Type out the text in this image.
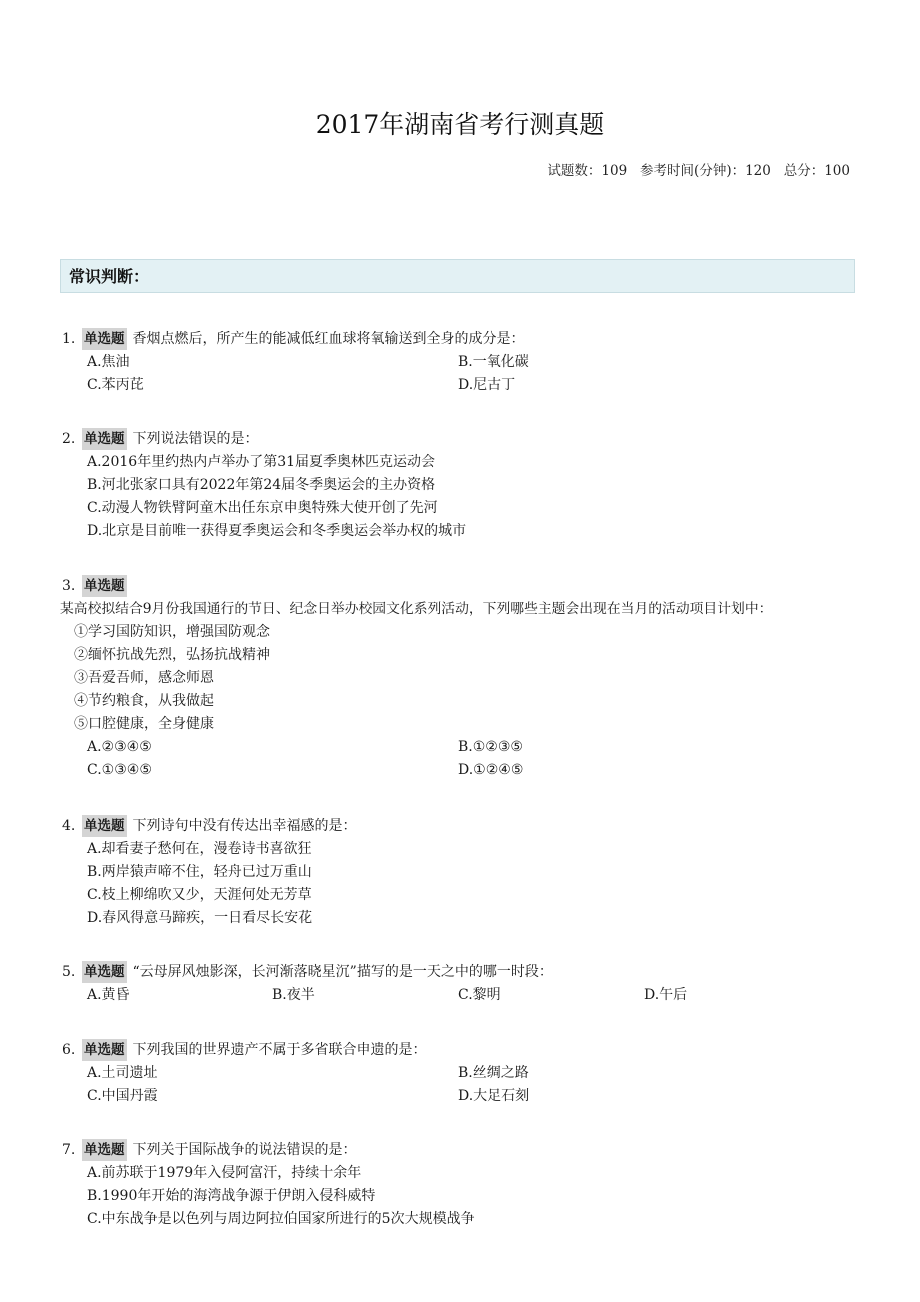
2017年湖南省考行测真题
试题数：109   参考时间(分钟)：120   总分：100
常识判断：
1. 单选题 香烟点燃后，所产生的能减低红血球将氧输送到全身的成分是：
A.焦油	B.一氧化碳
C.苯丙芘	D.尼古丁
2. 单选题 下列说法错误的是：
A.2016年里约热内卢举办了第31届夏季奥林匹克运动会
B.河北张家口具有2022年第24届冬季奥运会的主办资格
C.动漫人物铁臂阿童木出任东京申奥特殊大使开创了先河
D.北京是目前唯一获得夏季奥运会和冬季奥运会举办权的城市
3. 单选题
某高校拟结合9月份我国通行的节日、纪念日举办校园文化系列活动，下列哪些主题会出现在当月的活动项目计划中：
①学习国防知识，增强国防观念
②缅怀抗战先烈，弘扬抗战精神
③吾爱吾师，感念师恩
④节约粮食，从我做起
⑤口腔健康，全身健康
A.②③④⑤	B.①②③⑤
C.①③④⑤	D.①②④⑤
4. 单选题 下列诗句中没有传达出幸福感的是：
A.却看妻子愁何在，漫卷诗书喜欲狂
B.两岸猿声啼不住，轻舟已过万重山
C.枝上柳绵吹又少，天涯何处无芳草
D.春风得意马蹄疾，一日看尽长安花
5. 单选题 “云母屏风烛影深，长河渐落晓星沉”描写的是一天之中的哪一时段：
A.黄昏	B.夜半	C.黎明	D.午后
6. 单选题 下列我国的世界遗产不属于多省联合申遗的是：
A.土司遗址	B.丝绸之路
C.中国丹霞	D.大足石刻
7. 单选题 下列关于国际战争的说法错误的是：
A.前苏联于1979年入侵阿富汗，持续十余年
B.1990年开始的海湾战争源于伊朗入侵科威特
C.中东战争是以色列与周边阿拉伯国家所进行的5次大规模战争
